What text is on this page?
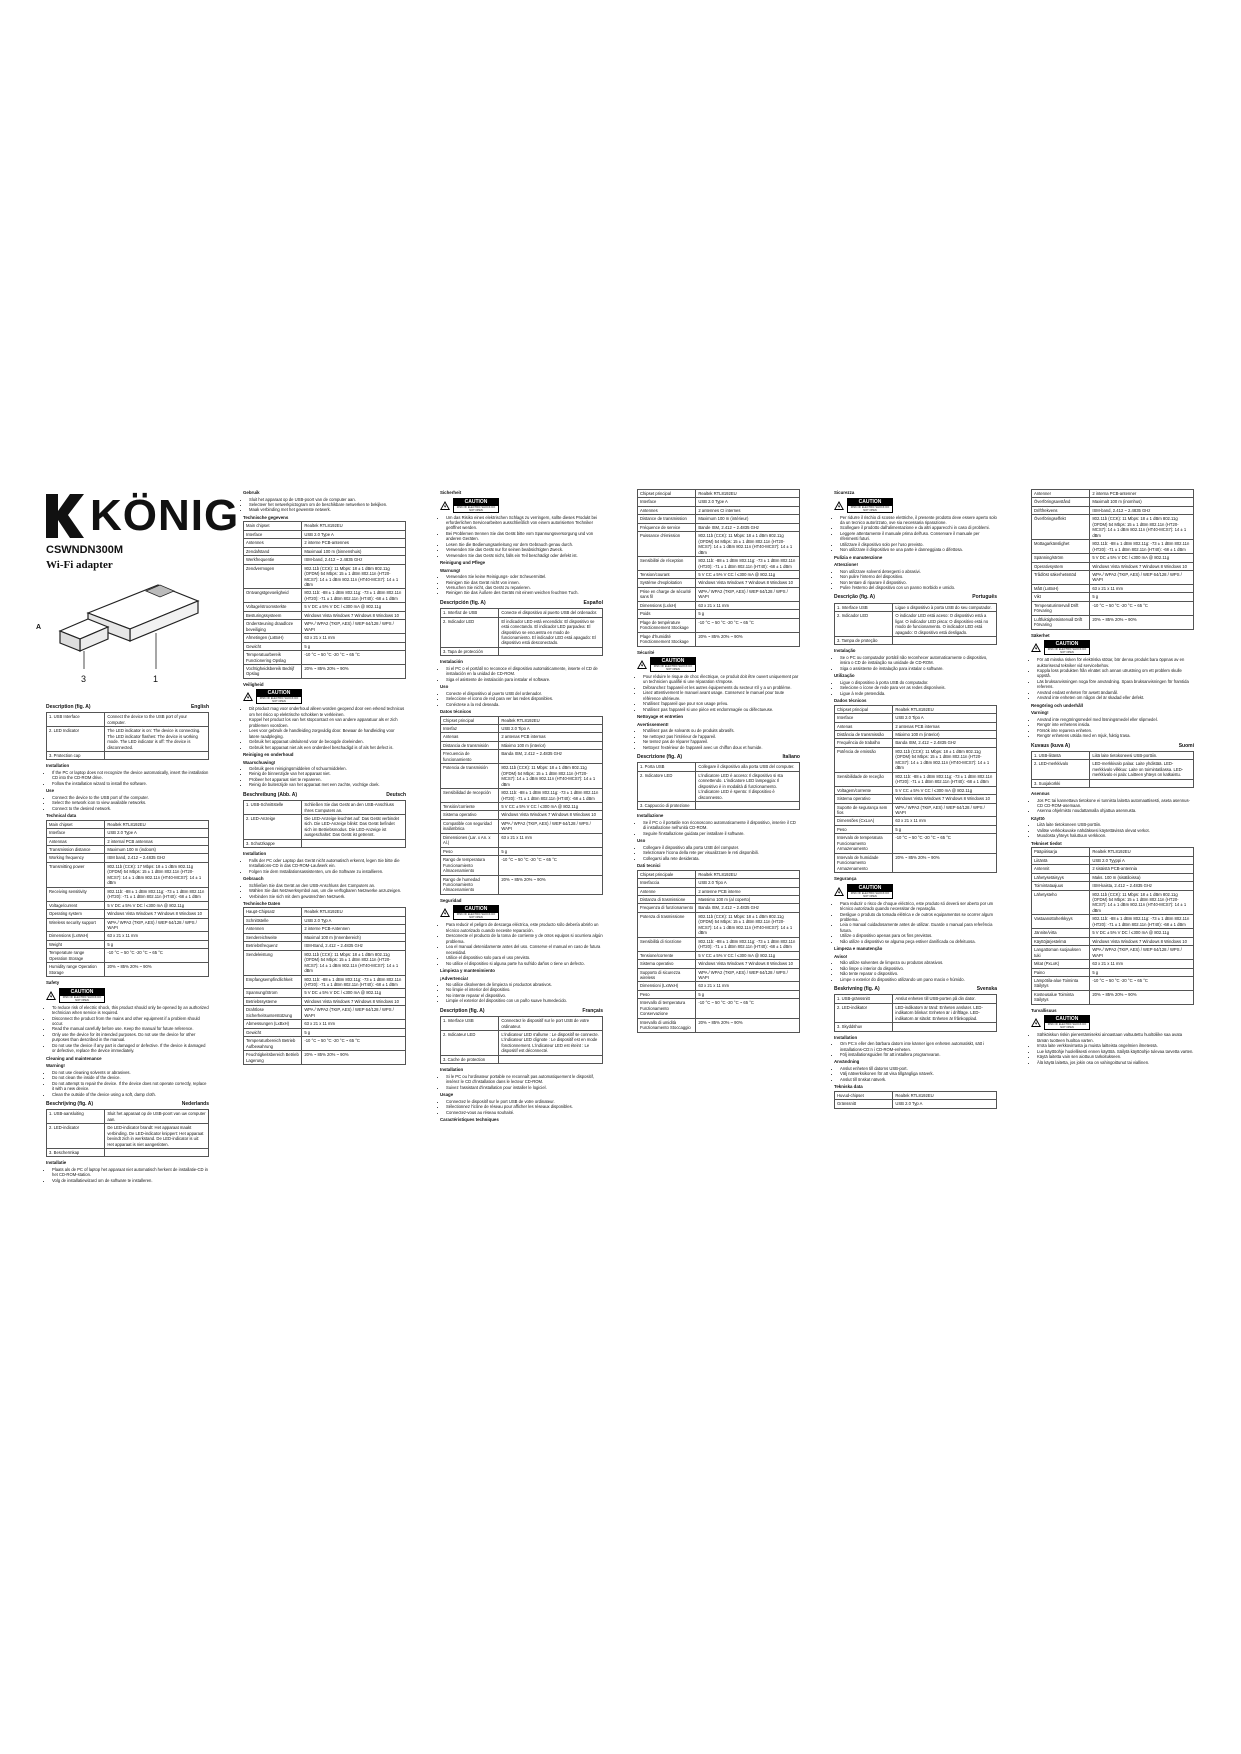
KÖNIG
CSWNDN300M
Wi-Fi adapter
A
3	1
Description (fig. A)	English
1. USB Interface	Connect the device to the USB port of your computer.
2. LED Indicator	The LED indicator is on: The device is connecting. The LED indicator flashes: The device is working mode. The LED indicator is off: The device is disconnected.
3. Protection cap	
Installation
• If the PC or laptop does not recognize the device automatically, insert the installation CD into the CD-ROM drive.
• Follow the installation wizard to install the software.
Use
• Connect the device to the USB port of the computer.
• Select the network icon to view available networks.
• Connect to the desired network.
Technical data
Main chipset	Realtek RTL8192EU
Interface	USB 2.0 Type A
Antennas	2 internal PCB antennas
Transmission distance	Maximum 100 m (indoors)
Working frequency	ISM band, 2.412 ~ 2.4835 GHz
Transmitting power	802.11b (CCK): 17 Mbps: 18 ± 1 dBm 802.11g (OFDM) 54 Mbps: 15 ± 1 dBm 802.11n (HT20-MCS7): 14 ± 1 dBm 802.11n (HT40-MCS7): 14 ± 1 dBm
Receiving sensitivity	802.11b: -88 ± 1 dBm 802.11g: -73 ± 1 dBm 802.11n (HT20): -71 ± 1 dBm 802.11n (HT40): -68 ± 1 dBm
Voltage/current	5 V DC ± 5% V DC / ≤300 mA @ 802.11g
Operating system	Windows Vista Windows 7 Windows 8 Windows 10
Wireless security support	WPA / WPA2 (TKIP, AES) / WEP 64/128 / WPS / WAPI
Dimensions (LxWxH)	63 x 21 x 11 mm
Weight	5 g
Temperature range Operation Storage	-10 °C ~ 50 °C -20 °C ~ 65 °C
Humidity range Operation Storage	20% ~ 85% 20% ~ 90%
Safety
CAUTION
RISK OF ELECTRIC SHOCK DO NOT OPEN
• To reduce risk of electric shock, this product should only be opened by an authorized technician when service is required.
• Disconnect the product from the mains and other equipment if a problem should occur.
• Read the manual carefully before use. Keep the manual for future reference.
• Only use the device for its intended purposes. Do not use the device for other purposes than described in the manual.
• Do not use the device if any part is damaged or defective. If the device is damaged or defective, replace the device immediately.
Cleaning and maintenance
Warning!
• Do not use cleaning solvents or abrasives.
• Do not clean the inside of the device.
• Do not attempt to repair the device. If the device does not operate correctly, replace it with a new device.
• Clean the outside of the device using a soft, damp cloth.
Beschrijving (fig. A)	Nederlands
1. USB-aansluiting	Sluit het apparaat op de USB-poort van uw computer aan.
2. LED-indicator	De LED-indicator brandt: Het apparaat maakt verbinding. De LED-indicator knippert: Het apparaat bevindt zich in werkstand. De LED-indicator is uit: Het apparaat is niet aangesloten.
3. Beschermkap	
Installatie
• Plaats als de PC of laptop het apparaat niet automatisch herkent de installatie-CD in het CD-ROM-station.
• Volg de installatiewizard om de software te installeren.
Gebruik
• Sluit het apparaat op de USB-poort van de computer aan.
• Selecteer het netwerkpictogram om de beschikbare netwerken te bekijken.
• Maak verbinding met het gewenste netwerk.
Technische gegevens
Main chipset	Realtek RTL8192EU
Interface	USB 2.0 Type A
Antennes	2 interne PCB-antennes
Zendafstand	Maximaal 100 m (binnenshuis)
Werkfrequentie	ISM-band, 2.412 ~ 2.4835 GHz
Zendvermogen	802.11b (CCK): 11 Mbps: 18 ± 1 dBm 802.11g (OFDM) 54 Mbps: 15 ± 1 dBm 802.11n (HT20-MCS7): 14 ± 1 dBm 802.11n (HT40-MCS7): 14 ± 1 dBm
Ontvangstgevoeligheid	802.11b: -88 ± 1 dBm 802.11g: -73 ± 1 dBm 802.11n (HT20): -71 ± 1 dBm 802.11n (HT40): -68 ± 1 dBm
Voltage/stroomsterkte	5 V DC ± 5% V DC / ≤300 mA @ 802.11g
Besturingssysteem	Windows Vista Windows 7 Windows 8 Windows 10
Ondersteuning draadloze beveiliging	WPA / WPA2 (TKIP, AES) / WEP 64/128 / WPS / WAPI
Afmetingen (LxBxH)	63 x 21 x 11 mm
Gewicht	5 g
Temperatuurbereik Functionering Opslag	-10 °C ~ 50 °C -20 °C ~ 65 °C
Vochtigheidsbereik Bedrijf Opslag	20% ~ 85% 20% ~ 90%
Veiligheid
CAUTION
RISK OF ELECTRIC SHOCK DO NOT OPEN
• Dit product mag voor onderhoud alleen worden geopend door een erkend technicus om het risico op elektrische schokken te verkleinen.
• Koppel het product los van het stopcontact en van andere apparatuur als er zich problemen voordoen.
• Lees voor gebruik de handleiding zorgvuldig door. Bewaar de handleiding voor latere raadpleging.
• Gebruik het apparaat uitsluitend voor de beoogde doeleinden.
• Gebruik het apparaat niet als een onderdeel beschadigd is of als het defect is.
Reiniging en onderhoud
Waarschuwing!
• Gebruik geen reinigingsmiddelen of schuurmiddelen.
• Reinig de binnenzijde van het apparaat niet.
• Probeer het apparaat niet te repareren.
• Reinig de buitenzijde van het apparaat met een zachte, vochtige doek.
Beschreibung (Abb. A)	Deutsch
1. USB-Schnittstelle	Schließen Sie das Gerät an den USB-Anschluss Ihres Computers an.
2. LED-Anzeige	Die LED-Anzeige leuchtet auf: Das Gerät verbindet sich. Die LED-Anzeige blinkt: Das Gerät befindet sich im Betriebsmodus. Die LED-Anzeige ist ausgeschaltet: Das Gerät ist getrennt.
3. Schutzkappe	
Installation
• Falls der PC oder Laptop das Gerät nicht automatisch erkennt, legen Sie bitte die Installations-CD in das CD-ROM-Laufwerk ein.
• Folgen Sie dem Installationsassistenten, um die Software zu installieren.
Gebrauch
• Schließen Sie das Gerät an den USB-Anschluss des Computers an.
• Wählen Sie das Netzwerksymbol aus, um die verfügbaren Netzwerke anzuzeigen.
• Verbinden Sie sich mit dem gewünschten Netzwerk.
Technische Daten
Haupt-Chipsatz	Realtek RTL8192EU
Schnittstelle	USB 2.0 Typ A
Antennen	2 interne PCB-Antennen
Sendereichweite	Maximal 100 m (Innenbereich)
Betriebsfrequenz	ISM-Band, 2.412 ~ 2.4835 GHz
Sendeleistung	802.11b (CCK): 11 Mbps: 18 ± 1 dBm 802.11g (OFDM) 54 Mbps: 15 ± 1 dBm 802.11n (HT20-MCS7): 14 ± 1 dBm 802.11n (HT40-MCS7): 14 ± 1 dBm
Empfangsempfindlichkeit	802.11b: -88 ± 1 dBm 802.11g: -73 ± 1 dBm 802.11n (HT20): -71 ± 1 dBm 802.11n (HT40): -68 ± 1 dBm
Spannung/Strom	5 V DC ± 5% V DC / ≤300 mA @ 802.11g
Betriebssysteme	Windows Vista Windows 7 Windows 8 Windows 10
Drahtlose Sicherheitsunterstützung	WPA / WPA2 (TKIP, AES) / WEP 64/128 / WPS / WAPI
Abmessungen (LxBxH)	63 x 21 x 11 mm
Gewicht	5 g
Temperaturbereich Betrieb Aufbewahrung	-10 °C ~ 50 °C -20 °C ~ 65 °C
Feuchtigkeitsbereich Betrieb Lagerung	20% ~ 85% 20% ~ 90%
Sicherheit
CAUTION
RISK OF ELECTRIC SHOCK DO NOT OPEN
• Um das Risiko eines elektrischen Schlags zu verringern, sollte dieses Produkt bei erforderlichen Servicearbeiten ausschließlich von einem autorisierten Techniker geöffnet werden.
• Bei Problemen trennen Sie das Gerät bitte vom Spannungsversorgung und von anderen Geräten.
• Lesen Sie die Bedienungsanleitung vor dem Gebrauch genau durch.
• Verwenden Sie das Gerät nur für seinen beabsichtigten Zweck.
• Verwenden Sie das Gerät nicht, falls ein Teil beschädigt oder defekt ist.
Reinigung und Pflege
Warnung!
• Verwenden Sie keine Reinigungs- oder Scheuermittel.
• Reinigen Sie das Gerät nicht von innen.
• Versuchen Sie nicht, das Gerät zu reparieren.
• Reinigen Sie das Äußere des Geräts mit einem weichen feuchten Tuch.
Descripción (fig. A)	Español
1. Interfaz de USB	Conecte el dispositivo al puerto USB del ordenador.
2. Indicador LED	El indicador LED está encendido: El dispositivo se está conectando. El indicador LED parpadea: El dispositivo se encuentra en modo de funcionamiento. El indicador LED está apagado: El dispositivo está desconectado.
3. Tapa de protección	
Instalación
• Si el PC o el portátil no reconoce el dispositivo automáticamente, inserte el CD de instalación en la unidad de CD-ROM.
• Siga el asistente de instalación para instalar el software.
Uso
• Conecte el dispositivo al puerto USB del ordenador.
• Seleccione el icono de red para ver las redes disponibles.
• Conéctese a la red deseada.
Datos técnicos
Chipset principal	Realtek RTL8192EU
Interfaz	USB 2.0 Tipo A
Antenas	2 antenas PCB internas
Distancia de transmisión	Máximo 100 m (interior)
Frecuencia de funcionamiento	Banda ISM, 2.412 ~ 2.4835 GHz
Potencia de transmisión	802.11b (CCK): 11 Mbps: 18 ± 1 dBm 802.11g (OFDM) 54 Mbps: 15 ± 1 dBm 802.11n (HT20-MCS7): 14 ± 1 dBm 802.11n (HT40-MCS7): 14 ± 1 dBm
Sensibilidad de recepción	802.11b: -88 ± 1 dBm 802.11g: -73 ± 1 dBm 802.11n (HT20): -71 ± 1 dBm 802.11n (HT40): -68 ± 1 dBm
Tensión/corriente	5 V CC ± 5% V CC / ≤300 mA @ 802.11g
Sistema operativo	Windows Vista Windows 7 Windows 8 Windows 10
Compatible con seguridad inalámbrica	WPA / WPA2 (TKIP, AES) / WEP 64/128 / WPS / WAPI
Dimensiones (Lar. x An. x Al.)	63 x 21 x 11 mm
Peso	5 g
Rango de temperatura Funcionamiento Almacenamiento	-10 °C ~ 50 °C -20 °C ~ 65 °C
Rango de humedad Funcionamiento Almacenamiento	20% ~ 85% 20% ~ 90%
Seguridad
CAUTION
RISK OF ELECTRIC SHOCK DO NOT OPEN
• Para reducir el peligro de descarga eléctrica, este producto sólo debería abrirlo un técnico autorizado cuando necesite reparación.
• Desconecte el producto de la toma de corriente y de otros equipos si ocurriera algún problema.
• Lea el manual detenidamente antes del uso. Conserve el manual en caso de futura necesidad.
• Utilice el dispositivo solo para el uso previsto.
• No utilice el dispositivo si alguna parte ha sufrido daños o tiene un defecto.
Limpieza y mantenimiento
¡Advertencia!
• No utilice disolventes de limpieza ni productos abrasivos.
• No limpie el interior del dispositivo.
• No intente reparar el dispositivo.
• Limpie el exterior del dispositivo con un paño suave humedecido.
Description (fig. A)	Français
1. Interface USB	Connectez le dispositif sur le port USB de votre ordinateur.
2. Indicateur LED	L'indicateur LED s'allume : Le dispositif se connecte. L'indicateur LED clignote : Le dispositif est en mode fonctionnement. L'indicateur LED est éteint : Le dispositif est déconnecté.
3. Cache de protection	
Installation
• Si le PC ou l'ordinateur portable ne reconnaît pas automatiquement le dispositif, insérez le CD d'installation dans le lecteur CD-ROM.
• Suivez l'assistant d'installation pour installer le logiciel.
Usage
• Connectez le dispositif sur le port USB de votre ordinateur.
• Sélectionnez l'icône de réseau pour afficher les réseaux disponibles.
• Connectez-vous au réseau souhaité.
Caractéristiques techniques
Chipset principal	Realtek RTL8192EU
Interface	USB 2.0 Type A
Antennes	2 antennes CI internes
Distance de transmission	Maximum 100 m (intérieur)
Fréquence de service	Bande ISM, 2.412 ~ 2.4835 GHz
Puissance d'émission	802.11b (CCK): 11 Mbps: 18 ± 1 dBm 802.11g (OFDM) 54 Mbps: 15 ± 1 dBm 802.11n (HT20-MCS7): 14 ± 1 dBm 802.11n (HT40-MCS7): 14 ± 1 dBm
Sensibilité de réception	802.11b: -88 ± 1 dBm 802.11g: -73 ± 1 dBm 802.11n (HT20): -71 ± 1 dBm 802.11n (HT40): -68 ± 1 dBm
Tension/courant	5 V CC ± 5% V CC / ≤300 mA @ 802.11g
Système d'exploitation	Windows Vista Windows 7 Windows 8 Windows 10
Prise en charge de sécurité sans fil	WPA / WPA2 (TKIP, AES) / WEP 64/128 / WPS / WAPI
Dimensions (LxlxH)	63 x 21 x 11 mm
Poids	5 g
Plage de température Fonctionnement Stockage	-10 °C ~ 50 °C -20 °C ~ 65 °C
Plage d'humidité Fonctionnement Stockage	20% ~ 85% 20% ~ 90%
Sécurité
CAUTION
RISK OF ELECTRIC SHOCK DO NOT OPEN
• Pour réduire le risque de choc électrique, ce produit doit être ouvert uniquement par un technicien qualifié si une réparation s'impose.
• Débranchez l'appareil et les autres équipements du secteur s'il y a un problème.
• Lisez attentivement le manuel avant usage. Conservez le manuel pour toute référence ultérieure.
• N'utilisez l'appareil que pour son usage prévu.
• N'utilisez pas l'appareil si une pièce est endommagée ou défectueuse.
Nettoyage et entretien
Avertissement!
• N'utilisez pas de solvants ou de produits abrasifs.
• Ne nettoyez pas l'intérieur de l'appareil.
• Ne tentez pas de réparer l'appareil.
• Nettoyez l'extérieur de l'appareil avec un chiffon doux et humide.
Descrizione (fig. A)	Italiano
1. Porta USB	Collegare il dispositivo alla porta USB del computer.
2. Indicatore LED	L'indicatore LED è acceso: Il dispositivo si sta connettendo. L'indicatore LED lampeggia: Il dispositivo è in modalità di funzionamento. L'indicatore LED è spento: Il dispositivo è disconnesso.
3. Cappuccio di protezione	
Installazione
• Se il PC o il portatile non riconoscono automaticamente il dispositivo, inserire il CD di installazione nell'unità CD-ROM.
• Seguire l'installazione guidata per installare il software.
Uso
• Collegare il dispositivo alla porta USB del computer.
• Selezionare l'icona della rete per visualizzare le reti disponibili.
• Collegarsi alla rete desiderata.
Dati tecnici
Chipset principale	Realtek RTL8192EU
Interfaccia	USB 2.0 Tipo A
Antenne	2 antenne PCB interne
Distanza di trasmissione	Massimo 100 m (al coperto)
Frequenza di funzionamento	Banda ISM, 2.412 ~ 2.4835 GHz
Potenza di trasmissione	802.11b (CCK): 11 Mbps: 18 ± 1 dBm 802.11g (OFDM) 54 Mbps: 15 ± 1 dBm 802.11n (HT20-MCS7): 14 ± 1 dBm 802.11n (HT40-MCS7): 14 ± 1 dBm
Sensibilità di ricezione	802.11b: -88 ± 1 dBm 802.11g: -73 ± 1 dBm 802.11n (HT20): -71 ± 1 dBm 802.11n (HT40): -68 ± 1 dBm
Tensione/corrente	5 V CC ± 5% V CC / ≤300 mA @ 802.11g
Sistema operativo	Windows Vista Windows 7 Windows 8 Windows 10
Supporto di sicurezza wireless	WPA / WPA2 (TKIP, AES) / WEP 64/128 / WPS / WAPI
Dimensioni (LxWxH)	63 x 21 x 11 mm
Peso	5 g
Intervallo di temperatura Funzionamento Conservazione	-10 °C ~ 50 °C -20 °C ~ 65 °C
Intervallo di umidità Funzionamento Stoccaggio	20% ~ 85% 20% ~ 90%
Sicurezza
CAUTION
RISK OF ELECTRIC SHOCK DO NOT OPEN
• Per ridurre il rischio di scosse elettriche, il presente prodotto deve essere aperto solo da un tecnico autorizzato, ove sia necessaria riparazione.
• Scollegare il prodotto dall'alimentazione e da altri apparecchi in caso di problemi.
• Leggere attentamente il manuale prima dell'uso. Conservare il manuale per riferimenti futuri.
• Utilizzare il dispositivo solo per l'uso previsto.
• Non utilizzare il dispositivo se una parte è danneggiata o difettosa.
Pulizia e manutenzione
Attenzione!
• Non utilizzare solventi detergenti o abrasivi.
• Non pulire l'interno del dispositivo.
• Non tentare di riparare il dispositivo.
• Pulire l'esterno del dispositivo con un panno morbido e umido.
Descrição (fig. A)	Português
1. Interface USB	Ligue o dispositivo à porta USB do seu computador.
2. Indicador LED	O indicador LED está aceso: O dispositivo está a ligar. O indicador LED pisca: O dispositivo está no modo de funcionamento. O indicador LED está apagado: O dispositivo está desligado.
3. Tampa de proteção	
Instalação
• Se o PC ou computador portátil não reconhecer automaticamente o dispositivo, insira o CD de instalação na unidade de CD-ROM.
• Siga o assistente de instalação para instalar o software.
Utilização
• Ligue o dispositivo à porta USB do computador.
• Selecione o ícone de rede para ver as redes disponíveis.
• Ligue à rede pretendida.
Dados técnicos
Chipset principal	Realtek RTL8192EU
Interface	USB 2.0 Tipo A
Antenas	2 antenas PCB internas
Distância de transmissão	Máximo 100 m (interior)
Frequência de trabalho	Banda ISM, 2.412 ~ 2.4835 GHz
Potência de emissão	802.11b (CCK): 11 Mbps: 18 ± 1 dBm 802.11g (OFDM) 54 Mbps: 15 ± 1 dBm 802.11n (HT20-MCS7): 14 ± 1 dBm 802.11n (HT40-MCS7): 14 ± 1 dBm
Sensibilidade de receção	802.11b: -88 ± 1 dBm 802.11g: -73 ± 1 dBm 802.11n (HT20): -71 ± 1 dBm 802.11n (HT40): -68 ± 1 dBm
Voltagem/corrente	5 V CC ± 5% V CC / ≤300 mA @ 802.11g
Sistema operativo	Windows Vista Windows 7 Windows 8 Windows 10
Suporte de segurança sem fios	WPA / WPA2 (TKIP, AES) / WEP 64/128 / WPS / WAPI
Dimensões (CxLxA)	63 x 21 x 11 mm
Peso	5 g
Intervalo de temperatura Funcionamento Armazenamento	-10 °C ~ 50 °C -20 °C ~ 65 °C
Intervalo de humidade Funcionamento Armazenamento	20% ~ 85% 20% ~ 90%
Segurança
CAUTION
RISK OF ELECTRIC SHOCK DO NOT OPEN
• Para reduzir o risco de choque eléctrico, este produto só deverá ser aberto por um técnico autorizado quando necessitar de reparação.
• Desligue o produto da tomada elétrica e de outros equipamentos se ocorrer algum problema.
• Leia o manual cuidadosamente antes de utilizar. Guarde o manual para referência futura.
• Utilize o dispositivo apenas para os fins previstos.
• Não utilize o dispositivo se alguma peça estiver danificada ou defeituosa.
Limpeza e manutenção
Aviso!
• Não utilize solventes de limpeza ou produtos abrasivos.
• Não limpe o interior do dispositivo.
• Não tente reparar o dispositivo.
• Limpe o exterior do dispositivo utilizando um pano macio e húmido.
Beskrivning (fig. A)	Svenska
1. USB-gränssnitt	Anslut enheten till USB-porten på din dator.
2. LED-indikator	LED-indikatorn är tänd: Enheten ansluter. LED-indikatorn blinkar: Enheten är i driftläge. LED-indikatorn är släckt: Enheten är frånkopplad.
3. Skyddshuv	
Installation
• Om PC:n eller den bärbara datorn inte känner igen enheten automatiskt, sätt i installations-CD:n i CD-ROM-enheten.
• Följ installationsguiden för att installera programvaran.
Användning
• Anslut enheten till datorns USB-port.
• Välj nätverksikonen för att visa tillgängliga nätverk.
• Anslut till önskat nätverk.
Tekniska data
Huvud-chipset	Realtek RTL8192EU
Gränssnitt	USB 2.0 Typ A
Antenner	2 interna PCB-antenner
Överföringsavstånd	Maximalt 100 m (inomhus)
Driftfrekvens	ISM-band, 2.412 ~ 2.4835 GHz
Överföringseffekt	802.11b (CCK): 11 Mbps: 18 ± 1 dBm 802.11g (OFDM) 54 Mbps: 15 ± 1 dBm 802.11n (HT20-MCS7): 14 ± 1 dBm 802.11n (HT40-MCS7): 14 ± 1 dBm
Mottagarkänslighet	802.11b: -88 ± 1 dBm 802.11g: -73 ± 1 dBm 802.11n (HT20): -71 ± 1 dBm 802.11n (HT40): -68 ± 1 dBm
Spänning/ström	5 V DC ± 5% V DC / ≤300 mA @ 802.11g
Operativsystem	Windows Vista Windows 7 Windows 8 Windows 10
Trådlöst säkerhetsstöd	WPA / WPA2 (TKIP, AES) / WEP 64/128 / WPS / WAPI
Mått (LxBxH)	63 x 21 x 11 mm
Vikt	5 g
Temperaturintervall Drift Förvaring	-10 °C ~ 50 °C -20 °C ~ 65 °C
Luftfuktighetsintervall Drift Förvaring	20% ~ 85% 20% ~ 90%
Säkerhet
CAUTION
RISK OF ELECTRIC SHOCK DO NOT OPEN
• För att minska risken för elektriska stötar, bör denna produkt bara öppnas av en auktoriserad tekniker vid servicebehov.
• Koppla loss produkten från elnätet och annan utrustning om ett problem skulle uppstå.
• Läs bruksanvisningen noga före användning. Spara bruksanvisningen för framtida referens.
• Använd endast enheten för avsett ändamål.
• Använd inte enheten om någon del är skadad eller defekt.
Rengöring och underhåll
Varning!
• Använd inte rengöringsmedel med lösningsmedel eller slipmedel.
• Rengör inte enhetens insida.
• Försök inte reparera enheten.
• Rengör enhetens utsida med en mjuk, fuktig trasa.
Kuvaus (kuva A)	Suomi
1. USB-liitäntä	Liitä laite tietokoneesi USB-porttiin.
2. LED-merkkivalo	LED-merkkivalo palaa: Laite yhdistää. LED-merkkivalo vilkkuu: Laite on toimintatilassa. LED-merkkivalo ei pala: Laitteen yhteys on katkaistu.
3. Suojakorkki	
Asennus
• Jos PC tai kannettava tietokone ei tunnista laitetta automaattisesti, aseta asennus-CD CD-ROM-asemaan.
• Asenna ohjelmisto noudattamalla ohjattua asennusta.
Käyttö
• Liitä laite tietokoneen USB-porttiin.
• Valitse verkkokuvake nähdäksesi käytettävissä olevat verkot.
• Muodosta yhteys haluttuun verkkoon.
Tekniset tiedot
Pääpiirisarja	Realtek RTL8192EU
Liitäntä	USB 2.0 Tyyppi A
Antennit	2 sisäistä PCB-antennia
Lähetysetäisyys	Maks. 100 m (sisätiloissa)
Toimintataajuus	ISM-kaista, 2.412 ~ 2.4835 GHz
Lähetysteho	802.11b (CCK): 11 Mbps: 18 ± 1 dBm 802.11g (OFDM) 54 Mbps: 15 ± 1 dBm 802.11n (HT20-MCS7): 14 ± 1 dBm 802.11n (HT40-MCS7): 14 ± 1 dBm
Vastaanottoherkkyys	802.11b: -88 ± 1 dBm 802.11g: -73 ± 1 dBm 802.11n (HT20): -71 ± 1 dBm 802.11n (HT40): -68 ± 1 dBm
Jännite/virta	5 V DC ± 5% V DC / ≤300 mA @ 802.11g
Käyttöjärjestelmä	Windows Vista Windows 7 Windows 8 Windows 10
Langattoman suojauksen tuki	WPA / WPA2 (TKIP, AES) / WEP 64/128 / WPS / WAPI
Mitat (PxLxK)	63 x 21 x 11 mm
Paino	5 g
Lämpötila-alue Toiminta Säilytys	-10 °C ~ 50 °C -20 °C ~ 65 °C
Kosteusalue Toiminta Säilytys	20% ~ 85% 20% ~ 90%
Turvallisuus
CAUTION
RISK OF ELECTRIC SHOCK DO NOT OPEN
• Sähköiskun riskin pienentämiseksi ainoastaan valtuutettu huoltoliike saa avata tämän tuotteen huoltoa varten.
• Irrota laite verkkovirrasta ja muista laitteista ongelmien ilmetessä.
• Lue käyttöohje huolellisesti ennen käyttöä. Säilytä käyttöohje tulevaa tarvetta varten.
• Käytä laitetta vain sen aiottuun tarkoitukseen.
• Älä käytä laitetta, jos jokin osa on vahingoittunut tai viallinen.
